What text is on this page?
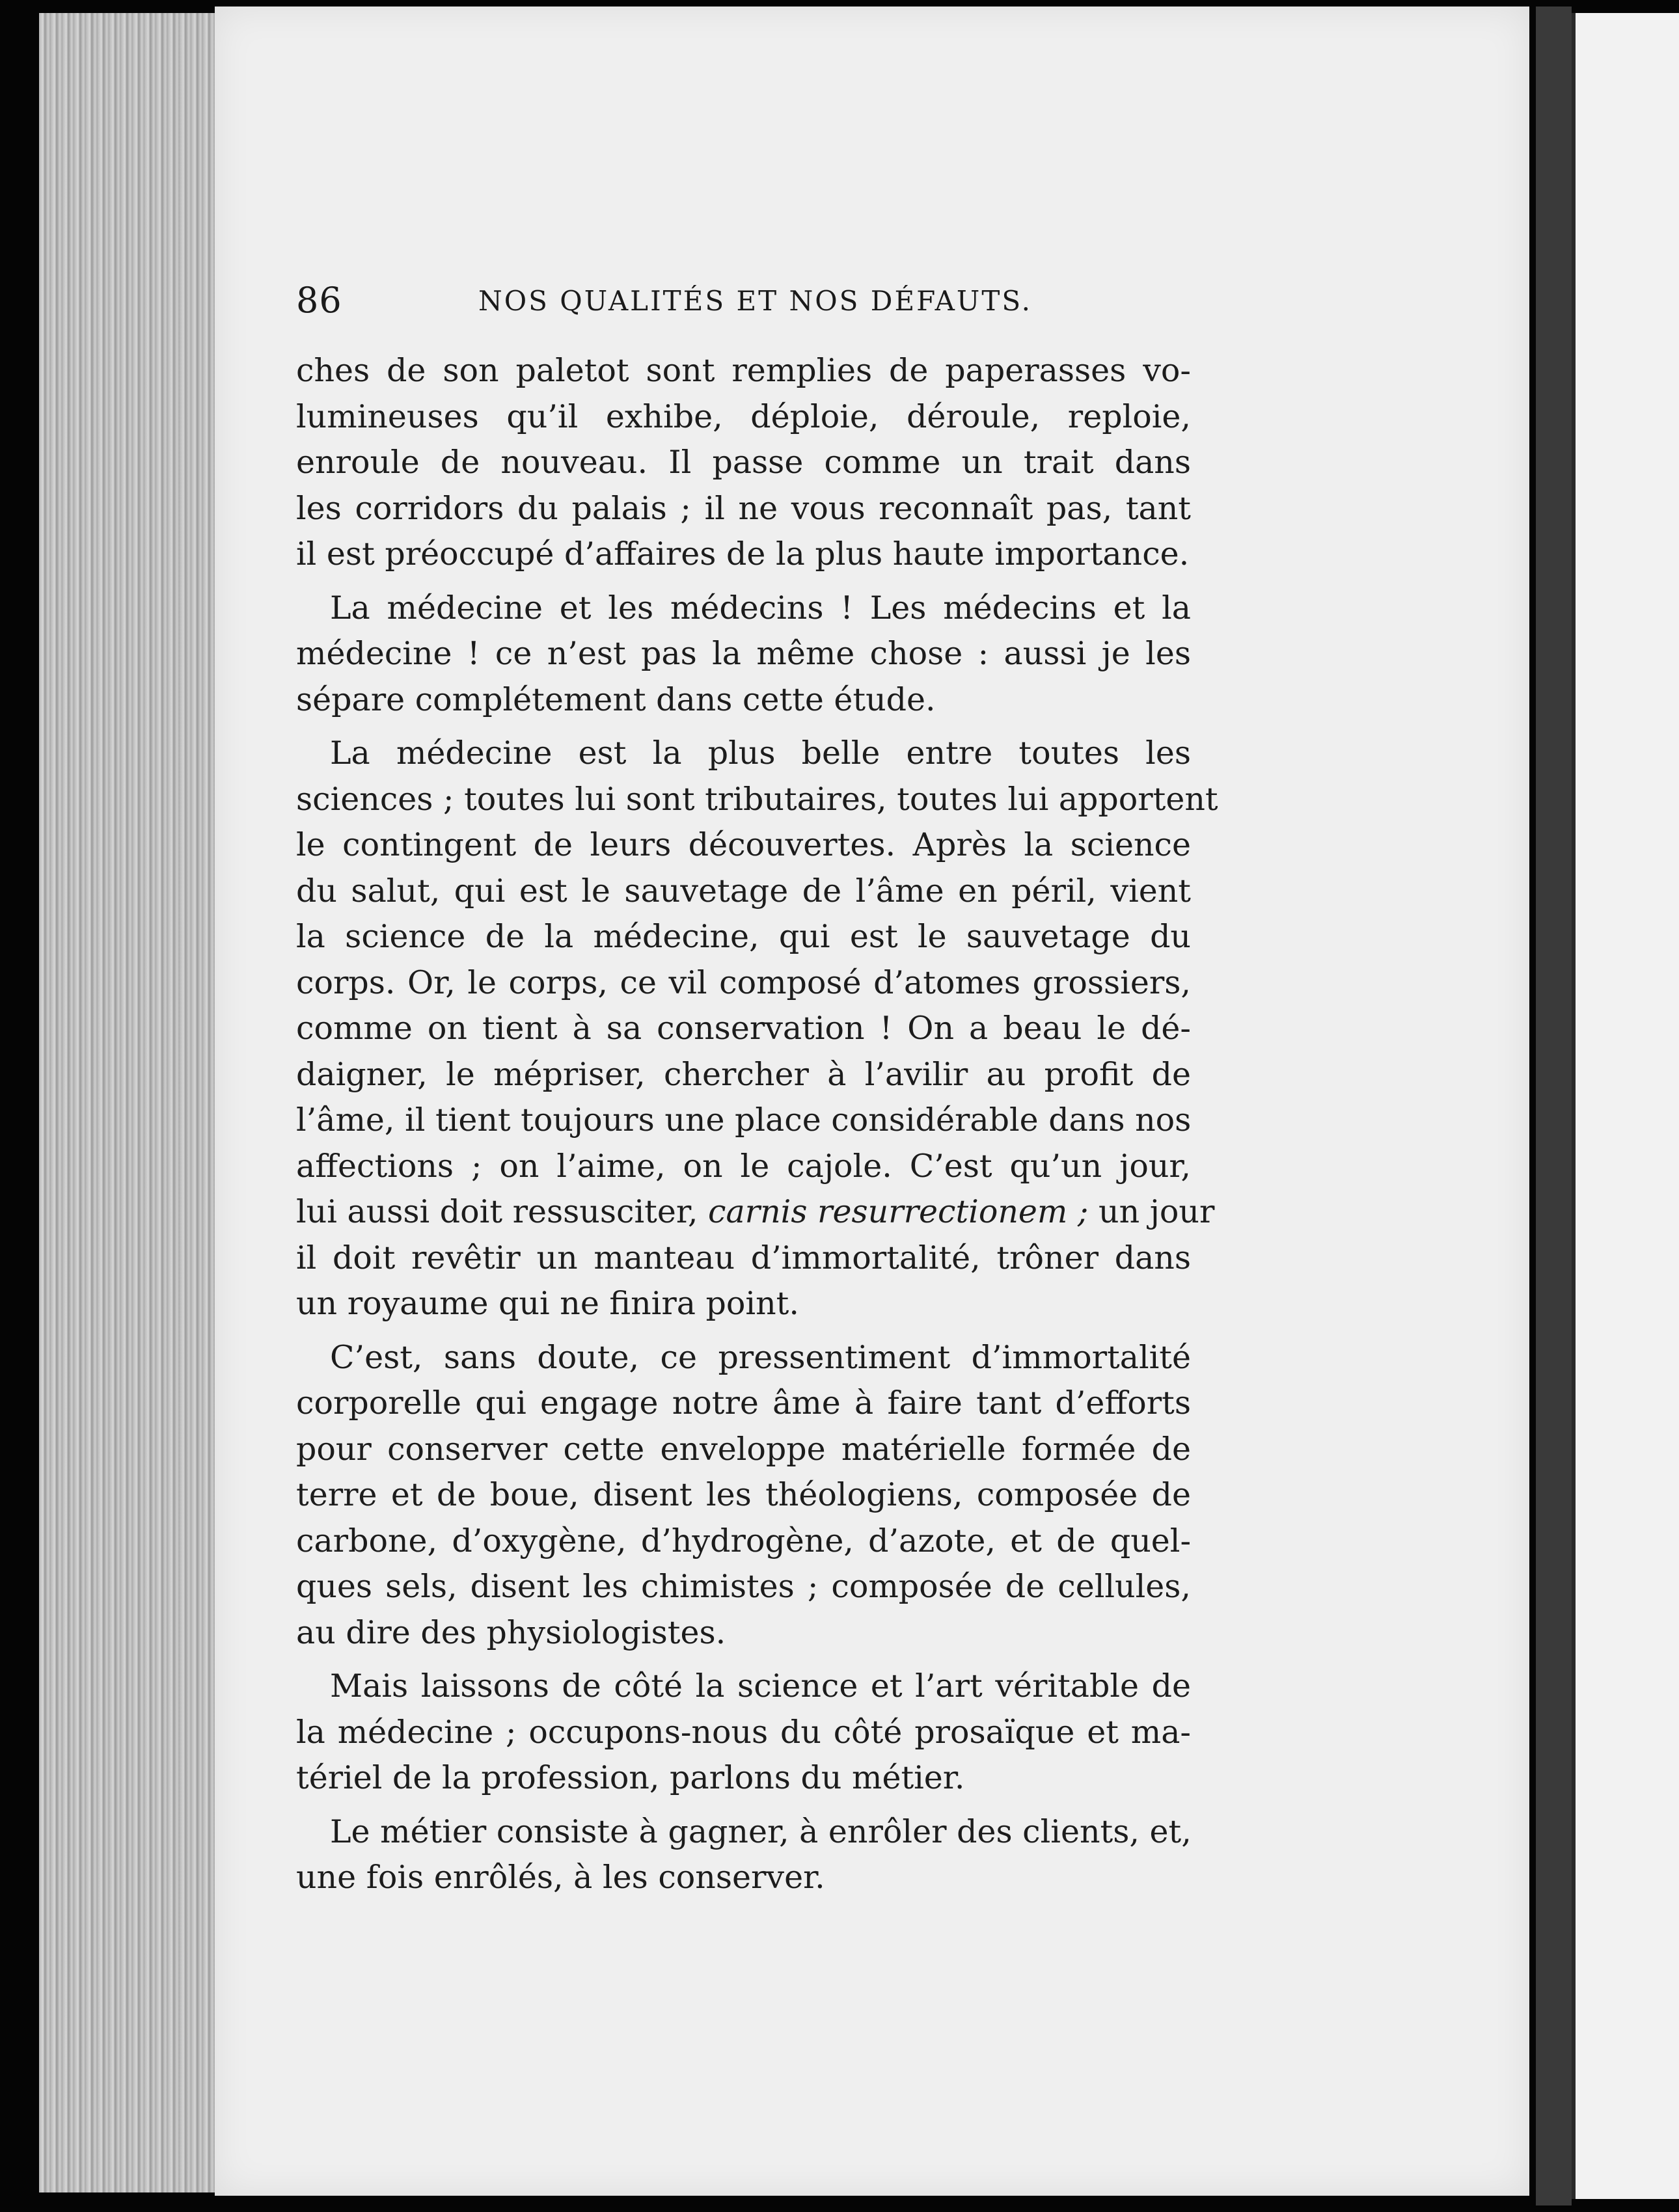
86	NOS QUALITÉS ET NOS DÉFAUTS.
ches de son paletot sont remplies de paperasses vo-
lumineuses qu’il exhibe, déploie, déroule, reploie,
enroule de nouveau. Il passe comme un trait dans
les corridors du palais ; il ne vous reconnaît pas, tant
il est préoccupé d’affaires de la plus haute importance.
La médecine et les médecins ! Les médecins et la
médecine ! ce n’est pas la même chose : aussi je les
sépare complétement dans cette étude.
La médecine est la plus belle entre toutes les
sciences ; toutes lui sont tributaires, toutes lui apportent
le contingent de leurs découvertes. Après la science
du salut, qui est le sauvetage de l’âme en péril, vient
la science de la médecine, qui est le sauvetage du
corps. Or, le corps, ce vil composé d’atomes grossiers,
comme on tient à sa conservation ! On a beau le dé-
daigner, le mépriser, chercher à l’avilir au profit de
l’âme, il tient toujours une place considérable dans nos
affections ; on l’aime, on le cajole. C’est qu’un jour,
lui aussi doit ressusciter, carnis resurrectionem ; un jour
il doit revêtir un manteau d’immortalité, trôner dans
un royaume qui ne finira point.
C’est, sans doute, ce pressentiment d’immortalité
corporelle qui engage notre âme à faire tant d’efforts
pour conserver cette enveloppe matérielle formée de
terre et de boue, disent les théologiens, composée de
carbone, d’oxygène, d’hydrogène, d’azote, et de quel-
ques sels, disent les chimistes ; composée de cellules,
au dire des physiologistes.
Mais laissons de côté la science et l’art véritable de
la médecine ; occupons-nous du côté prosaïque et ma-
tériel de la profession, parlons du métier.
Le métier consiste à gagner, à enrôler des clients, et,
une fois enrôlés, à les conserver.
